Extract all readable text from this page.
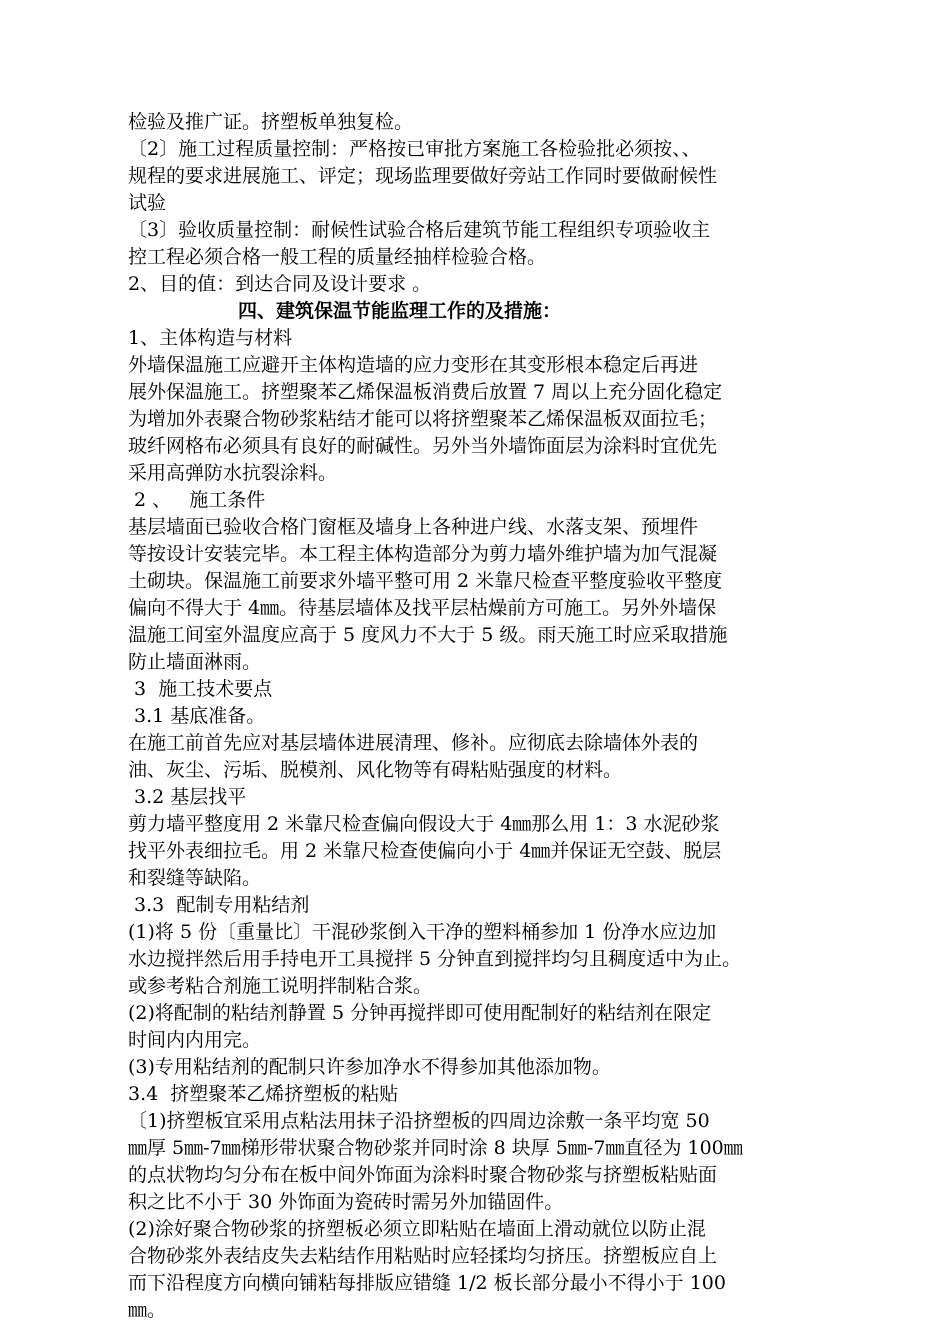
检验及推广证。挤塑板单独复检。
〔2〕施工过程质量控制：严格按已审批方案施工各检验批必须按、、
规程的要求进展施工、评定；现场监理要做好旁站工作同时要做耐候性
试验
〔3〕验收质量控制：耐候性试验合格后建筑节能工程组织专项验收主
控工程必须合格一般工程的质量经抽样检验合格。
2、目的值：到达合同及设计要求 。
四、建筑保温节能监理工作的及措施：
1、主体构造与材料
外墙保温施工应避开主体构造墙的应力变形在其变形根本稳定后再进
展外保温施工。挤塑聚苯乙烯保温板消费后放置 7 周以上充分固化稳定
为增加外表聚合物砂浆粘结才能可以将挤塑聚苯乙烯保温板双面拉毛；
玻纤网格布必须具有良好的耐碱性。另外当外墙饰面层为涂料时宜优先
采用高弹防水抗裂涂料。
2 、   施工条件
基层墙面已验收合格门窗框及墙身上各种进户线、水落支架、预埋件
等按设计安装完毕。本工程主体构造部分为剪力墙外维护墙为加气混凝
土砌块。保温施工前要求外墙平整可用 2 米靠尺检查平整度验收平整度
偏向不得大于 4㎜。待基层墙体及找平层枯燥前方可施工。另外外墙保
温施工间室外温度应高于 5 度风力不大于 5 级。雨天施工时应采取措施
防止墙面淋雨。
3  施工技术要点
3.1 基底准备。
在施工前首先应对基层墙体进展清理、修补。应彻底去除墙体外表的
油、灰尘、污垢、脱模剂、风化物等有碍粘贴强度的材料。
3.2 基层找平
剪力墙平整度用 2 米靠尺检查偏向假设大于 4㎜那么用 1：3 水泥砂浆
找平外表细拉毛。用 2 米靠尺检查使偏向小于 4㎜并保证无空鼓、脱层
和裂缝等缺陷。
3.3  配制专用粘结剂
(1)将 5 份〔重量比〕干混砂浆倒入干净的塑料桶参加 1 份净水应边加
水边搅拌然后用手持电开工具搅拌 5 分钟直到搅拌均匀且稠度适中为止。
或参考粘合剂施工说明拌制粘合浆。
(2)将配制的粘结剂静置 5 分钟再搅拌即可使用配制好的粘结剂在限定
时间内内用完。
(3)专用粘结剂的配制只许参加净水不得参加其他添加物。
3.4  挤塑聚苯乙烯挤塑板的粘贴
〔1)挤塑板宜采用点粘法用抹子沿挤塑板的四周边涂敷一条平均宽 50
㎜厚 5㎜-7㎜梯形带状聚合物砂浆并同时涂 8 块厚 5㎜-7㎜直径为 100㎜
的点状物均匀分布在板中间外饰面为涂料时聚合物砂浆与挤塑板粘贴面
积之比不小于 30 外饰面为瓷砖时需另外加锚固件。
(2)涂好聚合物砂浆的挤塑板必须立即粘贴在墙面上滑动就位以防止混
合物砂浆外表结皮失去粘结作用粘贴时应轻揉均匀挤压。挤塑板应自上
而下沿程度方向横向铺粘每排版应错缝 1/2 板长部分最小不得小于 100
㎜。
